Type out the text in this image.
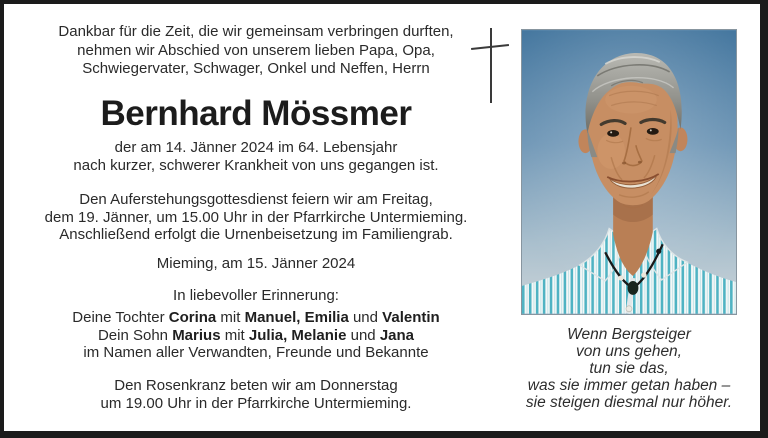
Dankbar für die Zeit, die wir gemeinsam verbringen durften,
nehmen wir Abschied von unserem lieben Papa, Opa,
Schwiegervater, Schwager, Onkel und Neffen, Herrn
Bernhard Mössmer
der am 14. Jänner 2024 im 64. Lebensjahr
nach kurzer, schwerer Krankheit von uns gegangen ist.
Den Auferstehungsgottesdienst feiern wir am Freitag,
dem 19. Jänner, um 15.00 Uhr in der Pfarrkirche Untermieming.
Anschließend erfolgt die Urnenbeisetzung im Familiengrab.
Mieming, am 15. Jänner 2024
In liebevoller Erinnerung:
Deine Tochter Corina mit Manuel, Emilia und Valentin
Dein Sohn Marius mit Julia, Melanie und Jana
im Namen aller Verwandten, Freunde und Bekannte
Den Rosenkranz beten wir am Donnerstag
um 19.00 Uhr in der Pfarrkirche Untermieming.
Wenn Bergsteiger
von uns gehen,
tun sie das,
was sie immer getan haben –
sie steigen diesmal nur höher.
